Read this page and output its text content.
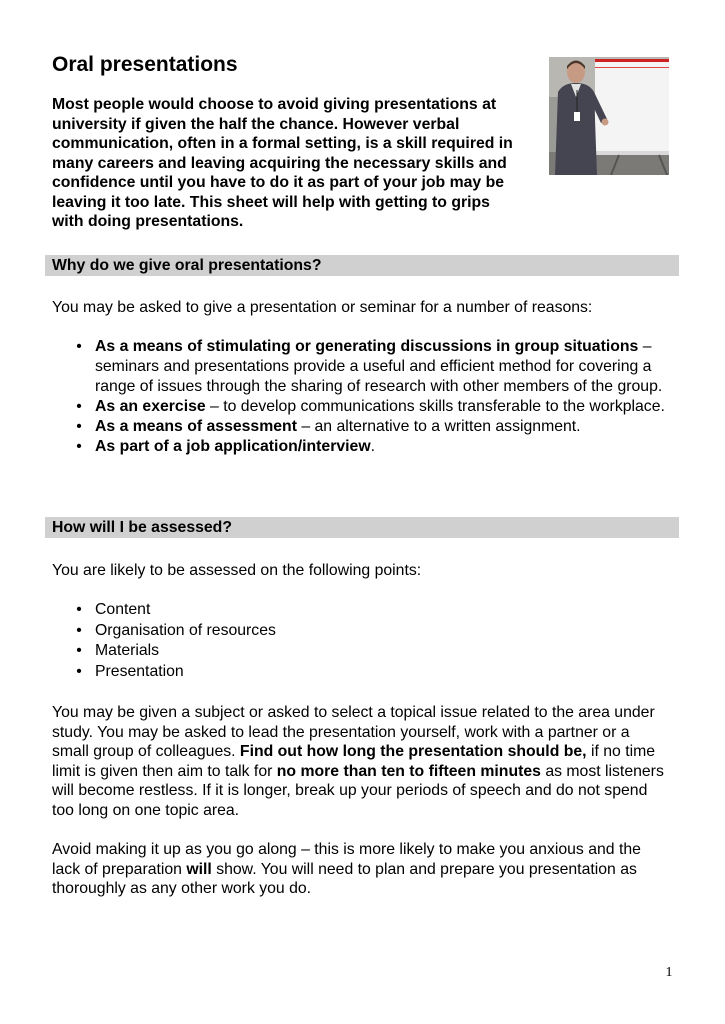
Oral presentations

Most people would choose to avoid giving presentations at university if given the half the chance. However verbal communication, often in a formal setting, is a skill required in many careers and leaving acquiring the necessary skills and confidence until you have to do it as part of your job may be leaving it too late. This sheet will help with getting to grips with doing presentations.

Why do we give oral presentations?

You may be asked to give a presentation or seminar for a number of reasons:

• As a means of stimulating or generating discussions in group situations – seminars and presentations provide a useful and efficient method for covering a range of issues through the sharing of research with other members of the group.
• As an exercise – to develop communications skills transferable to the workplace.
• As a means of assessment – an alternative to a written assignment.
• As part of a job application/interview.
How will I be assessed?

You are likely to be assessed on the following points:

• Content
• Organisation of resources
• Materials
• Presentation

You may be given a subject or asked to select a topical issue related to the area under study. You may be asked to lead the presentation yourself, work with a partner or a small group of colleagues. Find out how long the presentation should be, if no time limit is given then aim to talk for no more than ten to fifteen minutes as most listeners will become restless. If it is longer, break up your periods of speech and do not spend too long on one topic area.

Avoid making it up as you go along – this is more likely to make you anxious and the lack of preparation will show. You will need to plan and prepare you presentation as thoroughly as any other work you do.

1
